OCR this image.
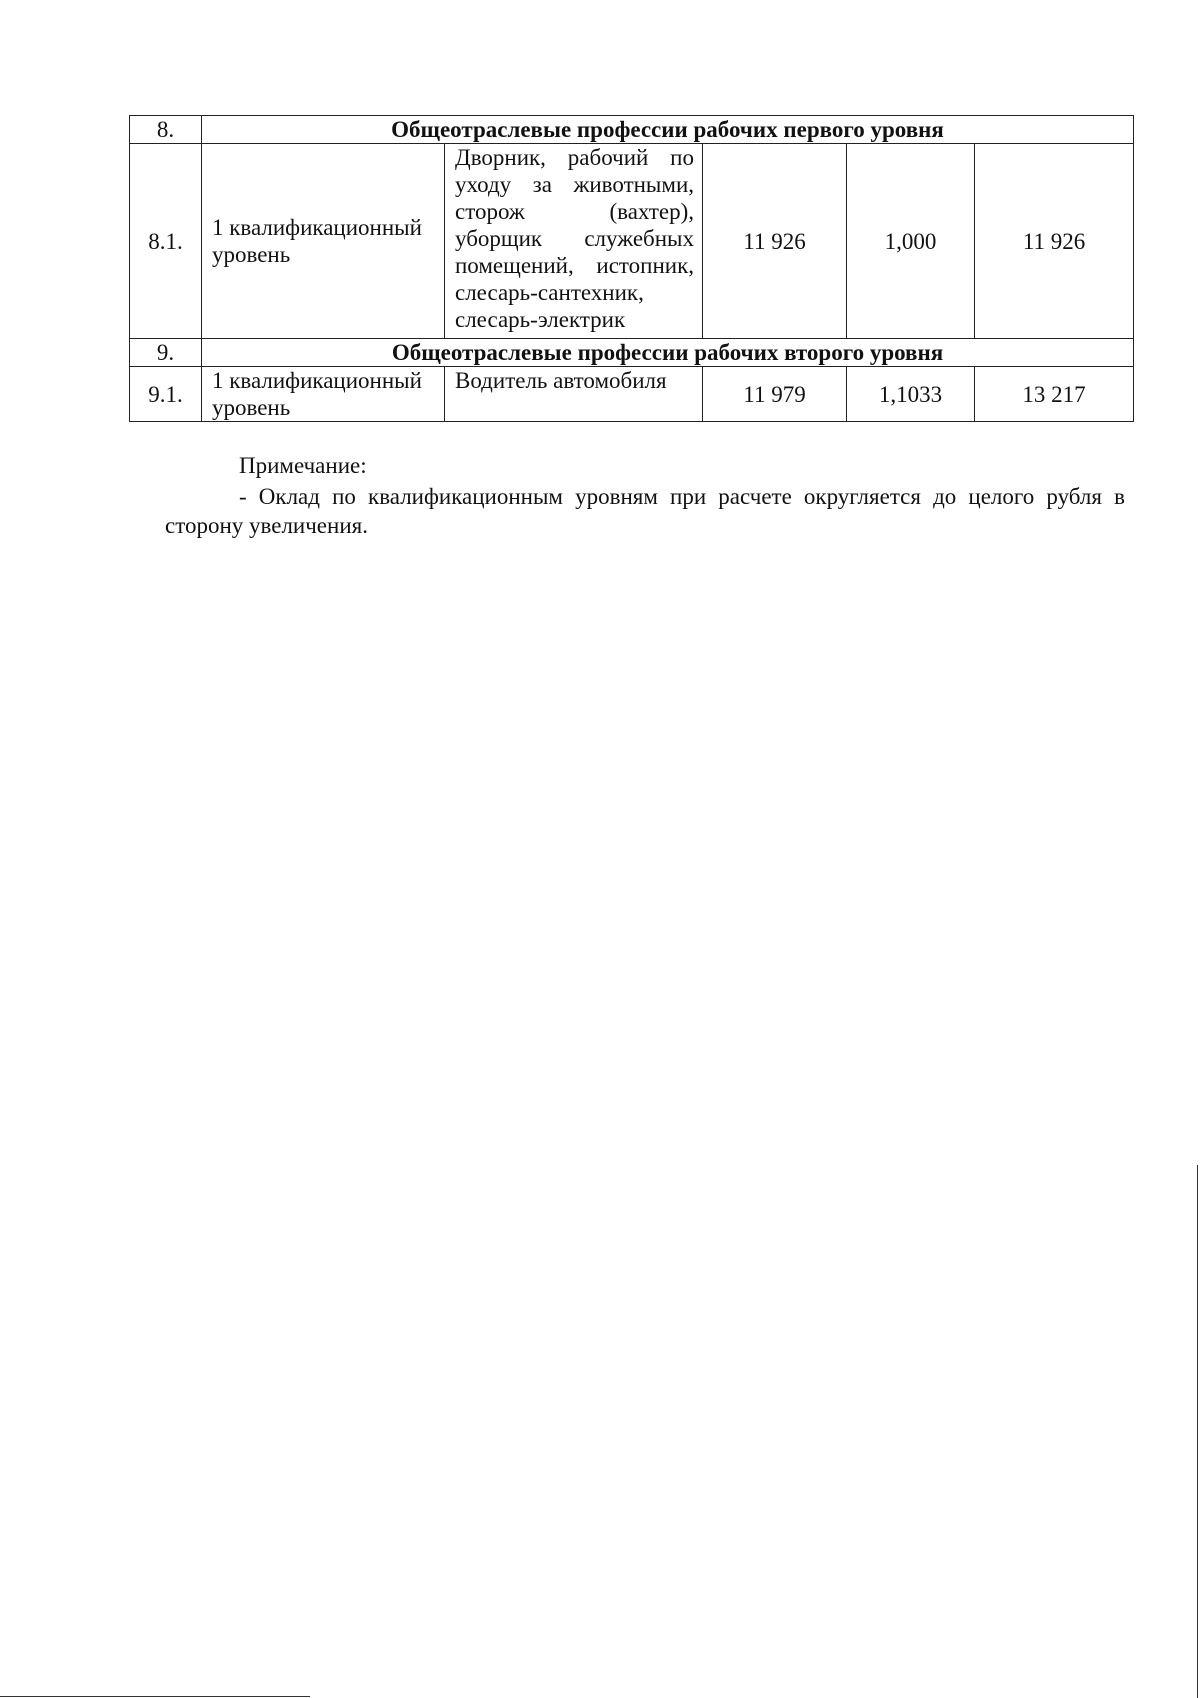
8.	Общеотраслевые профессии рабочих первого уровня				
8.1.	1 квалификационный уровень	Дворник, рабочий по уходу за животными, сторож (вахтер), уборщик служебных помещений, истопник, слесарь-сантехник, слесарь-электрик	11 926	1,000	11 926
9.	Общеотраслевые профессии рабочих второго уровня				
9.1.	1 квалификационный уровень	Водитель автомобиля	11 979	1,1033	13 217
Примечание:
- Оклад по квалификационным уровням при расчете округляется до целого рубля в сторону увеличения.
